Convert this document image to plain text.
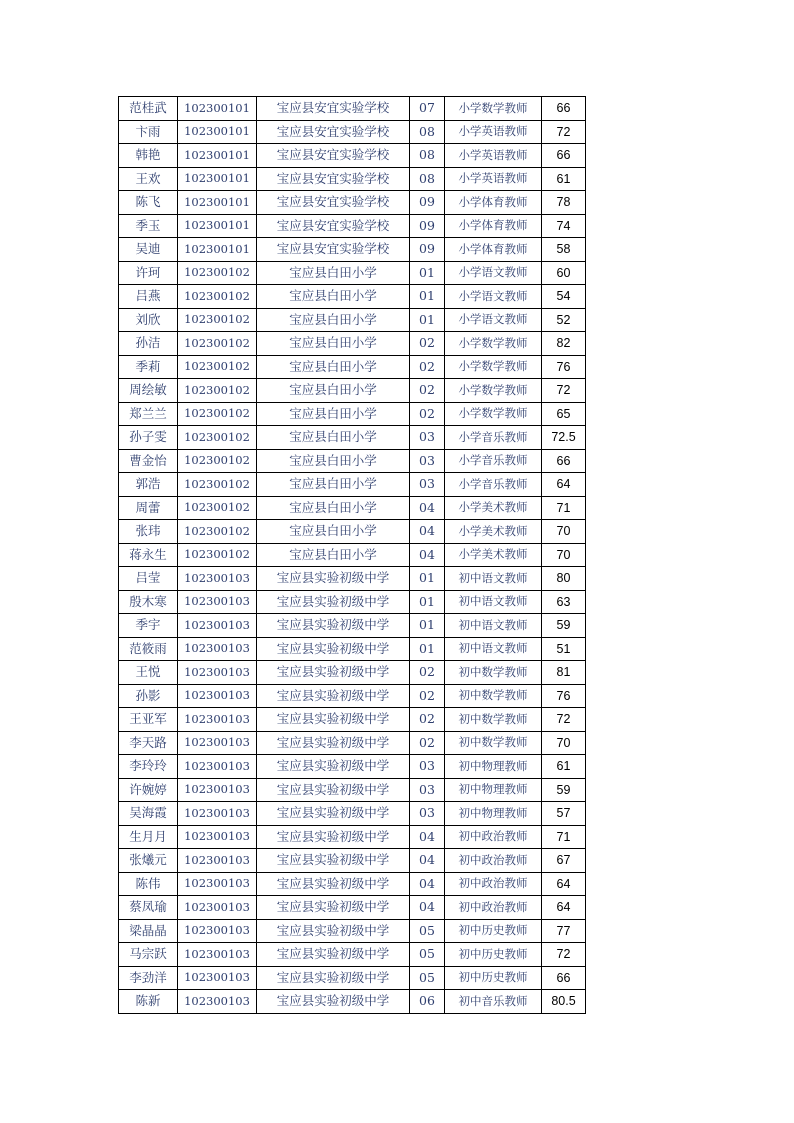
范桂武	102300101	宝应县安宜实验学校	07	小学数学教师	66
卞雨	102300101	宝应县安宜实验学校	08	小学英语教师	72
韩艳	102300101	宝应县安宜实验学校	08	小学英语教师	66
王欢	102300101	宝应县安宜实验学校	08	小学英语教师	61
陈飞	102300101	宝应县安宜实验学校	09	小学体育教师	78
季玉	102300101	宝应县安宜实验学校	09	小学体育教师	74
吴迪	102300101	宝应县安宜实验学校	09	小学体育教师	58
许珂	102300102	宝应县白田小学	01	小学语文教师	60
吕燕	102300102	宝应县白田小学	01	小学语文教师	54
刘欣	102300102	宝应县白田小学	01	小学语文教师	52
孙洁	102300102	宝应县白田小学	02	小学数学教师	82
季莉	102300102	宝应县白田小学	02	小学数学教师	76
周绘敏	102300102	宝应县白田小学	02	小学数学教师	72
郑兰兰	102300102	宝应县白田小学	02	小学数学教师	65
孙子雯	102300102	宝应县白田小学	03	小学音乐教师	72.5
曹金怡	102300102	宝应县白田小学	03	小学音乐教师	66
郭浩	102300102	宝应县白田小学	03	小学音乐教师	64
周蕾	102300102	宝应县白田小学	04	小学美术教师	71
张玮	102300102	宝应县白田小学	04	小学美术教师	70
蒋永生	102300102	宝应县白田小学	04	小学美术教师	70
吕莹	102300103	宝应县实验初级中学	01	初中语文教师	80
殷木寒	102300103	宝应县实验初级中学	01	初中语文教师	63
季宇	102300103	宝应县实验初级中学	01	初中语文教师	59
范筱雨	102300103	宝应县实验初级中学	01	初中语文教师	51
王悦	102300103	宝应县实验初级中学	02	初中数学教师	81
孙影	102300103	宝应县实验初级中学	02	初中数学教师	76
王亚军	102300103	宝应县实验初级中学	02	初中数学教师	72
李天路	102300103	宝应县实验初级中学	02	初中数学教师	70
李玲玲	102300103	宝应县实验初级中学	03	初中物理教师	61
许婉婷	102300103	宝应县实验初级中学	03	初中物理教师	59
吴海霞	102300103	宝应县实验初级中学	03	初中物理教师	57
生月月	102300103	宝应县实验初级中学	04	初中政治教师	71
张爔元	102300103	宝应县实验初级中学	04	初中政治教师	67
陈伟	102300103	宝应县实验初级中学	04	初中政治教师	64
蔡凤瑜	102300103	宝应县实验初级中学	04	初中政治教师	64
梁晶晶	102300103	宝应县实验初级中学	05	初中历史教师	77
马宗跃	102300103	宝应县实验初级中学	05	初中历史教师	72
李劲洋	102300103	宝应县实验初级中学	05	初中历史教师	66
陈新	102300103	宝应县实验初级中学	06	初中音乐教师	80.5
